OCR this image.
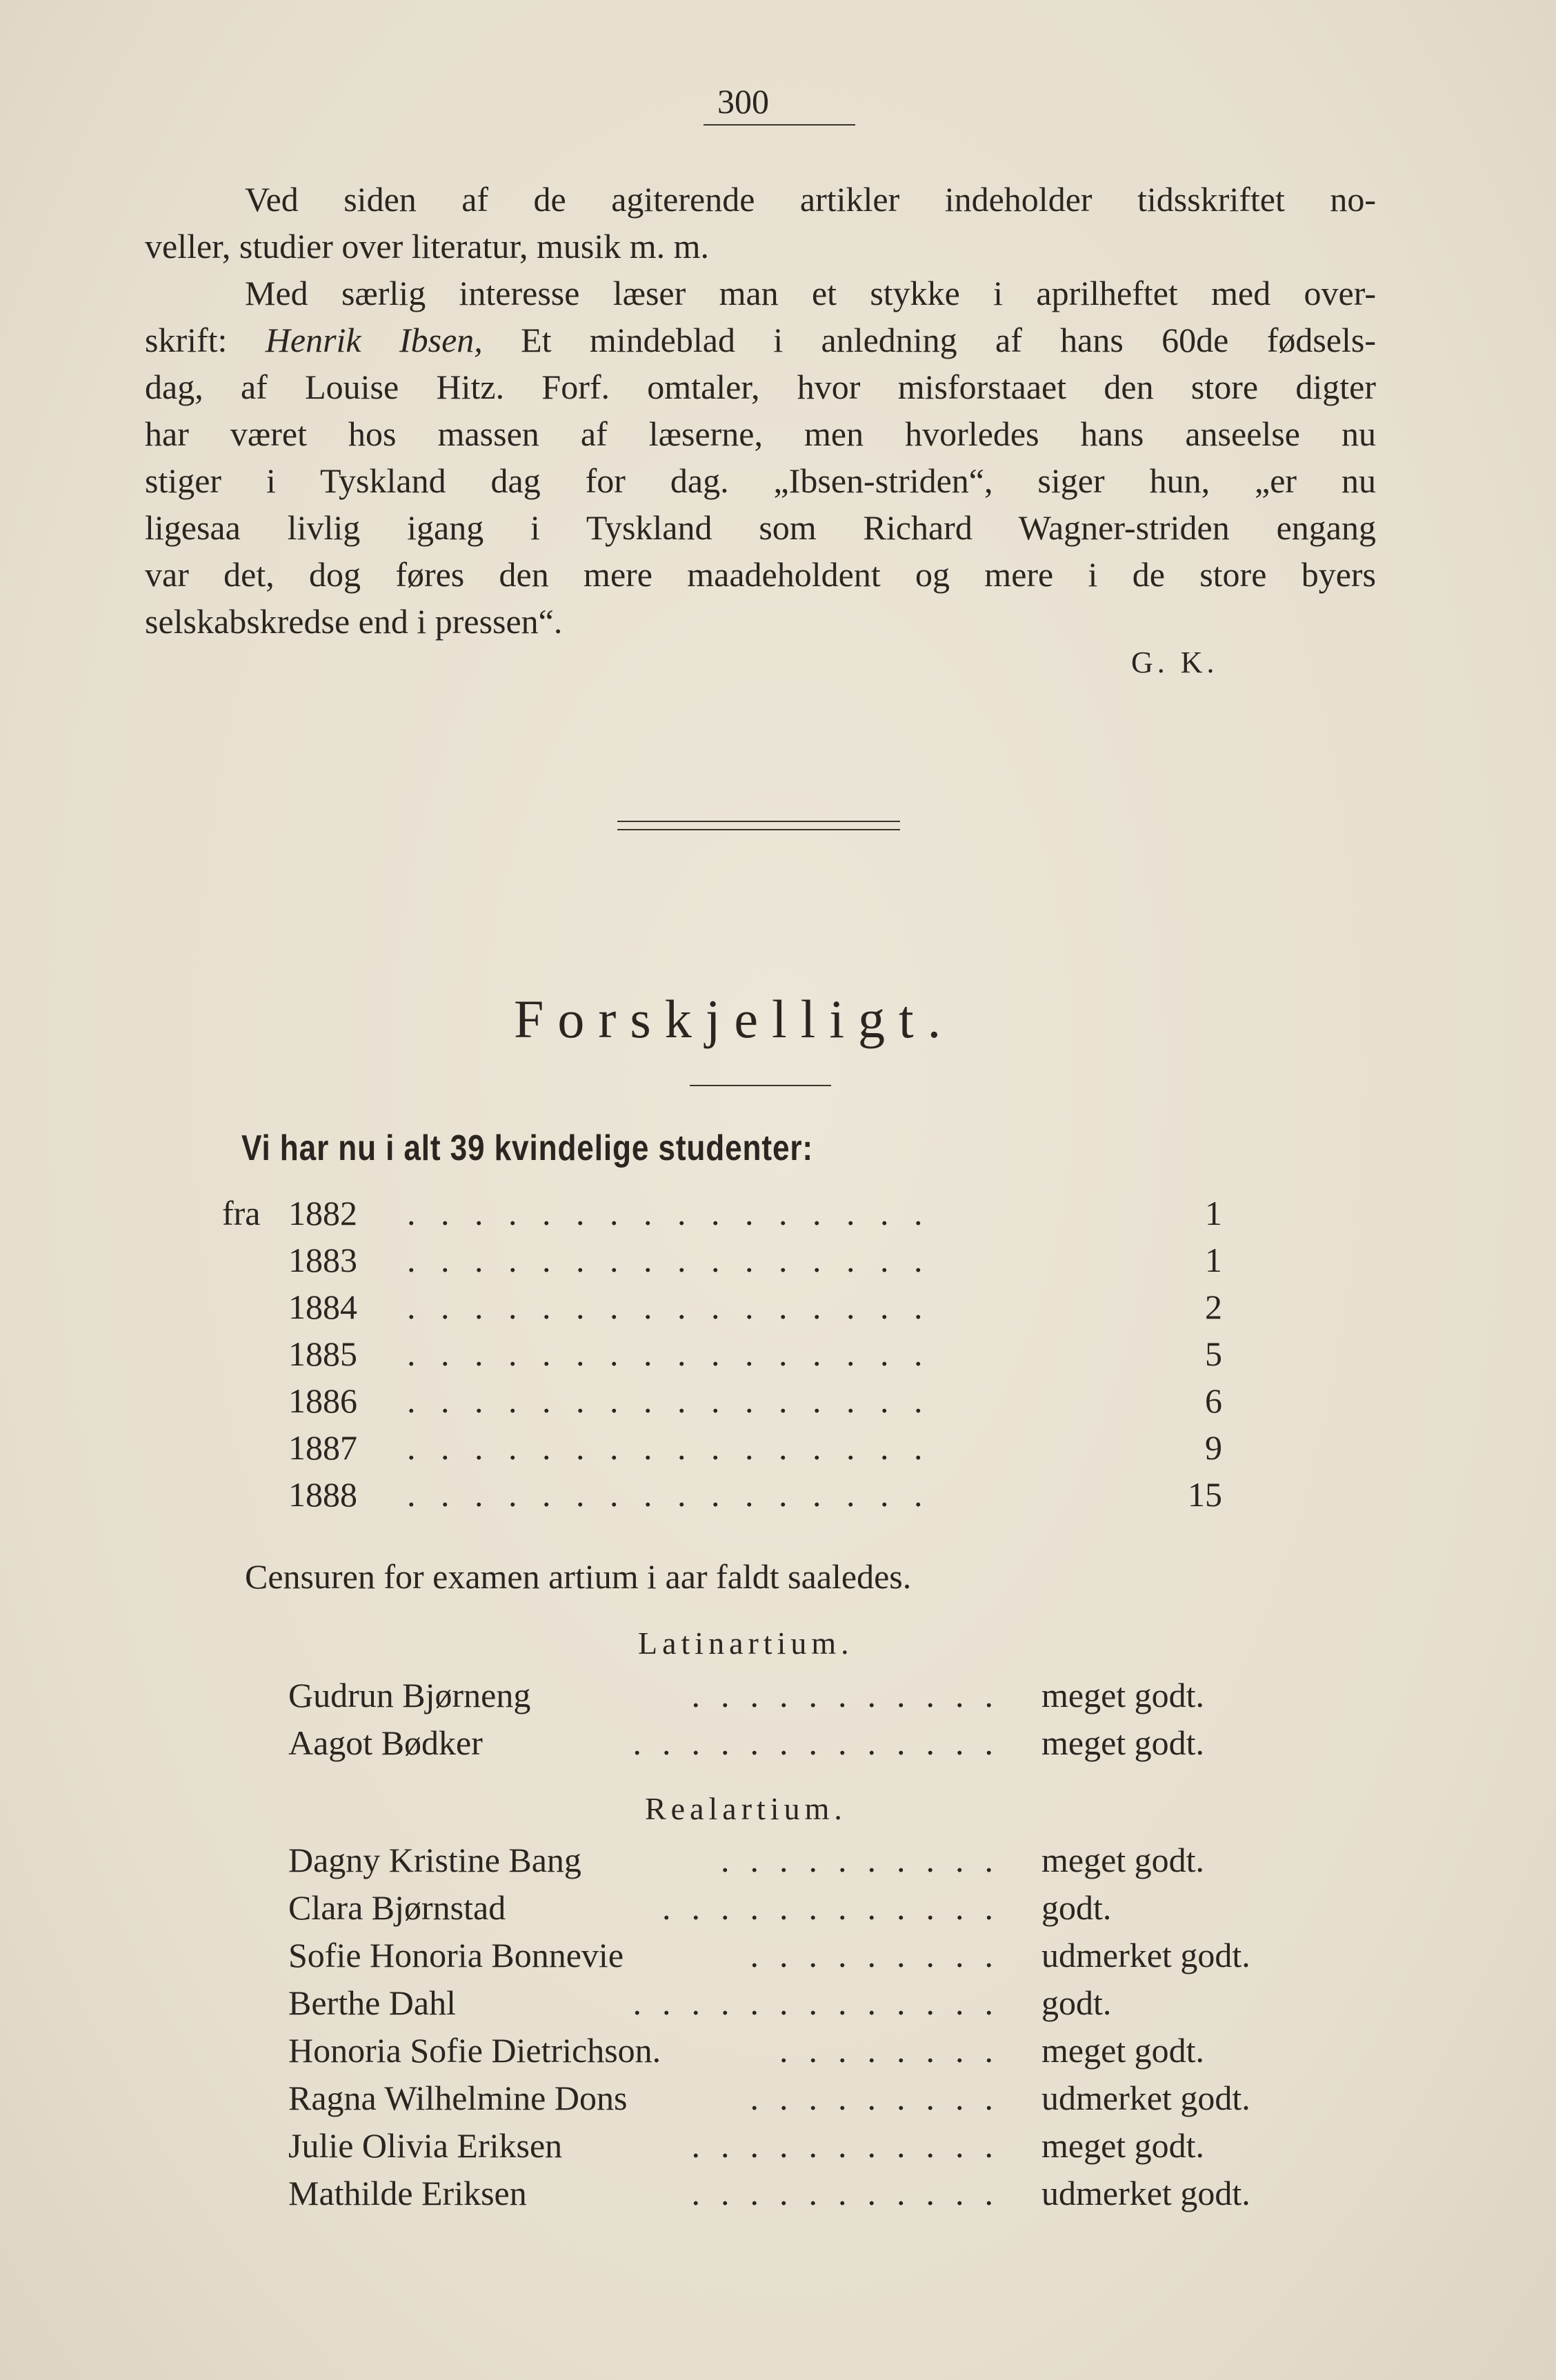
300
Ved siden af de agiterende artikler indeholder tidsskriftet no-
veller, studier over literatur, musik m. m.
Med særlig interesse læser man et stykke i aprilheftet med over-
skrift: Henrik Ibsen, Et mindeblad i anledning af hans 60de fødsels-
dag, af Louise Hitz. Forf. omtaler, hvor misforstaaet den store digter
har været hos massen af læserne, men hvorledes hans anseelse nu
stiger i Tyskland dag for dag. „Ibsen-striden“, siger hun, „er nu
ligesaa livlig igang i Tyskland som Richard Wagner-striden engang
var det, dog føres den mere maadeholdent og mere i de store byers
selskabskredse end i pressen“.
G. K.
Forskjelligt.
Vi har nu i alt 39 kvindelige studenter:
fra 1882 ................	1
1883 ................	1
1884 ................	2
1885 ................	5
1886 ................	6
1887 ................	9
1888 ................	15
Censuren for examen artium i aar faldt saaledes.
Latinartium.
Gudrun Bjørneng	........... meget godt.
Aagot Bødker	............. meget godt.
Realartium.
Dagny Kristine Bang	.......... meget godt.
Clara Bjørnstad	............ godt.
Sofie Honoria Bonnevie	......... udmerket godt.
Berthe Dahl	............. godt.
Honoria Sofie Dietrichson.	........ meget godt.
Ragna Wilhelmine Dons	......... udmerket godt.
Julie Olivia Eriksen	........... meget godt.
Mathilde Eriksen	........... udmerket godt.
